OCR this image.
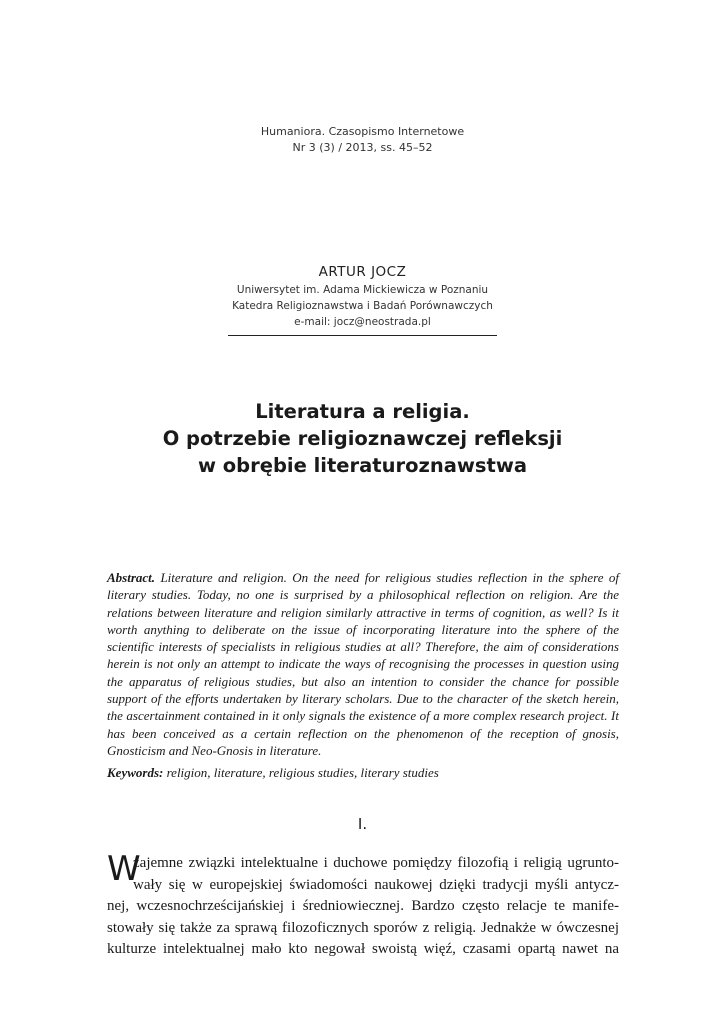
Humaniora. Czasopismo Internetowe
Nr 3 (3) / 2013, ss. 45–52
ARTUR JOCZ
Uniwersytet im. Adama Mickiewicza w Poznaniu
Katedra Religioznawstwa i Badań Porównawczych
e-mail: jocz@neostrada.pl
Literatura a religia.
O potrzebie religioznawczej refleksji
w obrębie literaturoznawstwa
Abstract. Literature and religion. On the need for religious studies reflection in the sphere of literary studies. Today, no one is surprised by a philosophical reflection on religion. Are the relations between literature and religion similarly attractive in terms of cognition, as well? Is it worth anything to deliberate on the issue of incorporating literature into the sphere of the scientific interests of specialists in religious studies at all? Therefore, the aim of considerations herein is not only an attempt to indicate the ways of recognising the processes in question using the apparatus of religious studies, but also an intention to consider the chance for possible support of the efforts undertaken by literary scholars. Due to the character of the sketch herein, the ascertainment contained in it only signals the existence of a more complex research project. It has been conceived as a certain reflection on the phenomenon of the reception of gnosis, Gnosticism and Neo-Gnosis in literature.
Keywords: religion, literature, religious studies, literary studies
I.
W
zajemne związki intelektualne i duchowe pomiędzy filozofią i religią ugrunto-
wały się w europejskiej świadomości naukowej dzięki tradycji myśli antycz-
nej, wczesnochrześcijańskiej i średniowiecznej. Bardzo często relacje te manife-
stowały się także za sprawą filozoficznych sporów z religią. Jednakże w ówczesnej
kulturze intelektualnej mało kto negował swoistą więź, czasami opartą nawet na
